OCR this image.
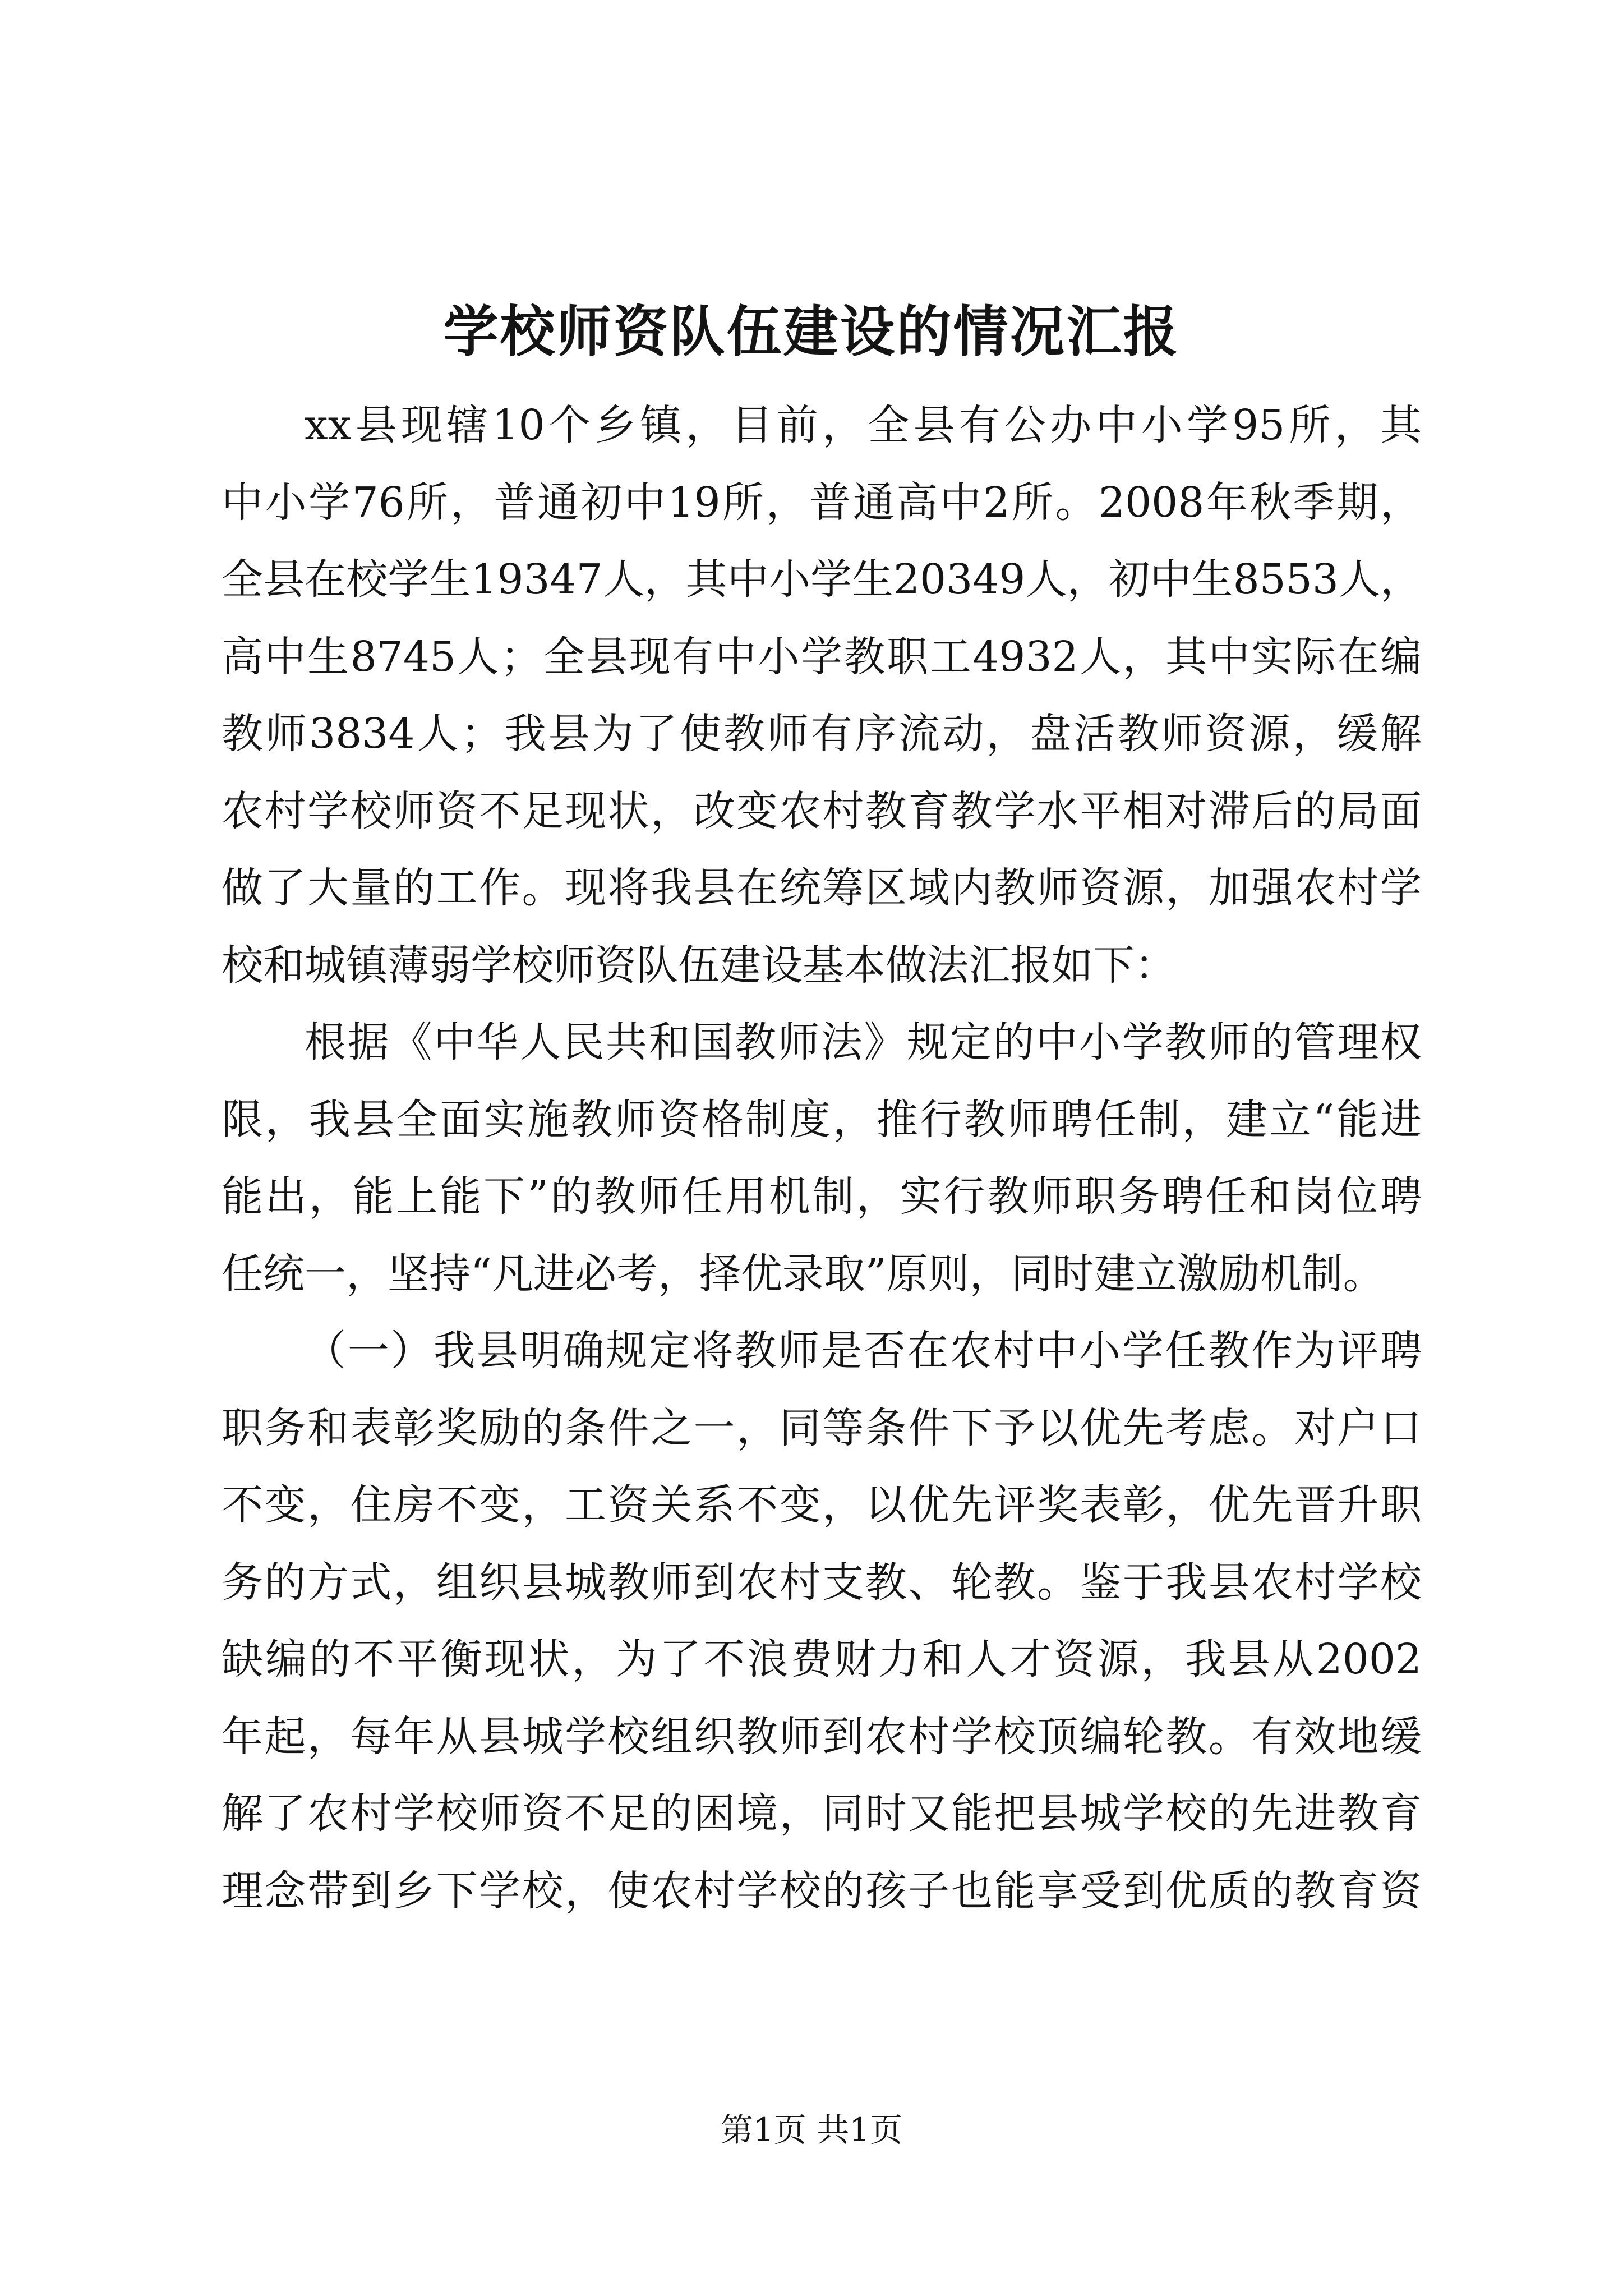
学校师资队伍建设的情况汇报
xx县现辖10个乡镇，目前，全县有公办中小学95所，其
中小学76所，普通初中19所，普通高中2所。2008年秋季期，
全县在校学生19347人，其中小学生20349人，初中生8553人，
高中生8745人；全县现有中小学教职工4932人，其中实际在编
教师3834人；我县为了使教师有序流动，盘活教师资源，缓解
农村学校师资不足现状，改变农村教育教学水平相对滞后的局面
做了大量的工作。现将我县在统筹区域内教师资源，加强农村学
校和城镇薄弱学校师资队伍建设基本做法汇报如下：
根据《中华人民共和国教师法》规定的中小学教师的管理权
限，我县全面实施教师资格制度，推行教师聘任制，建立“能进
能出，能上能下”的教师任用机制，实行教师职务聘任和岗位聘
任统一，坚持“凡进必考，择优录取”原则，同时建立激励机制。
（一）我县明确规定将教师是否在农村中小学任教作为评聘
职务和表彰奖励的条件之一，同等条件下予以优先考虑。对户口
不变，住房不变，工资关系不变，以优先评奖表彰，优先晋升职
务的方式，组织县城教师到农村支教、轮教。鉴于我县农村学校
缺编的不平衡现状，为了不浪费财力和人才资源，我县从2002
年起，每年从县城学校组织教师到农村学校顶编轮教。有效地缓
解了农村学校师资不足的困境，同时又能把县城学校的先进教育
理念带到乡下学校，使农村学校的孩子也能享受到优质的教育资
第1页 共1页
